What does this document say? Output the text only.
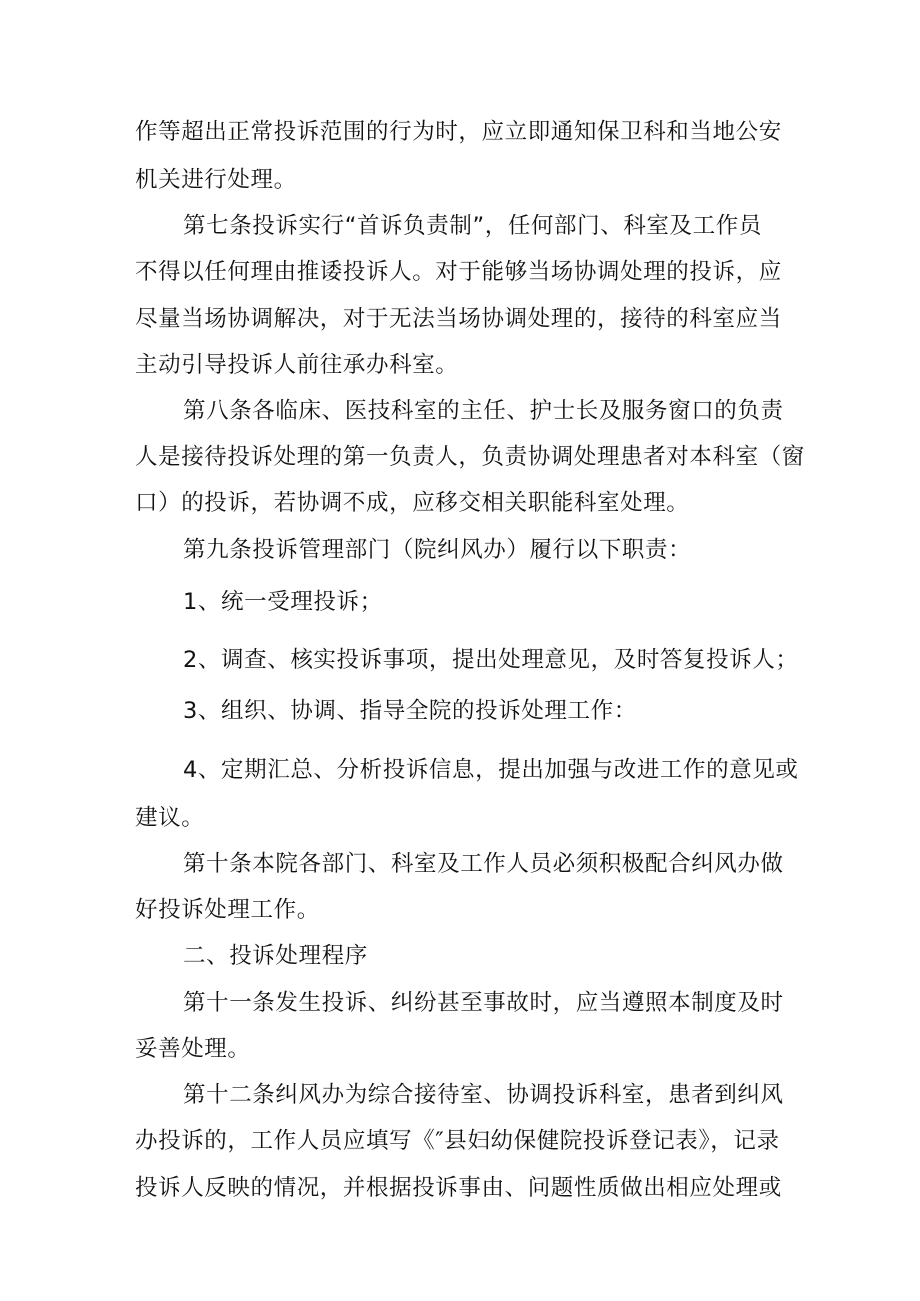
作等超出正常投诉范围的行为时，应立即通知保卫科和当地公安
机关进行处理。
第七条投诉实行“首诉负责制”，任何部门、科室及工作员
不得以任何理由推诿投诉人。对于能够当场协调处理的投诉，应
尽量当场协调解决，对于无法当场协调处理的，接待的科室应当
主动引导投诉人前往承办科室。
第八条各临床、医技科室的主任、护士长及服务窗口的负责
人是接待投诉处理的第一负责人，负责协调处理患者对本科室（窗
口）的投诉，若协调不成，应移交相关职能科室处理。
第九条投诉管理部门（院纠风办）履行以下职责：
1、统一受理投诉；
2、调查、核实投诉事项，提出处理意见，及时答复投诉人；
3、组织、协调、指导全院的投诉处理工作：
4、定期汇总、分析投诉信息，提出加强与改进工作的意见或
建议。
第十条本院各部门、科室及工作人员必须积极配合纠风办做
好投诉处理工作。
二、投诉处理程序
第十一条发生投诉、纠纷甚至事故时，应当遵照本制度及时
妥善处理。
第十二条纠风办为综合接待室、协调投诉科室，患者到纠风
办投诉的，工作人员应填写《″县妇幼保健院投诉登记表》，记录
投诉人反映的情况，并根据投诉事由、问题性质做出相应处理或
